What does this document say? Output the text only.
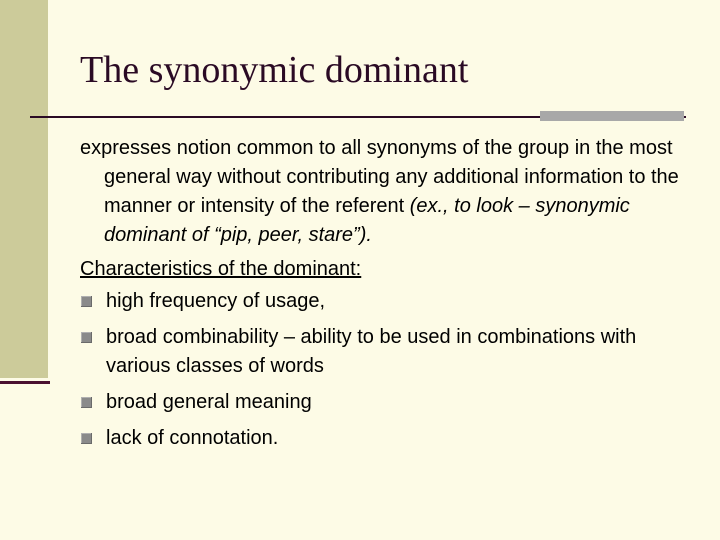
The synonymic dominant

expresses notion common to all synonyms of the group in the most general way without contributing any additional information to the manner or intensity of the referent (ex., to look – synonymic dominant of “pip, peer, stare”).

Characteristics of the dominant:

high frequency of usage,
broad combinability – ability to be used in combinations with various classes of words
broad general meaning
lack of connotation.
